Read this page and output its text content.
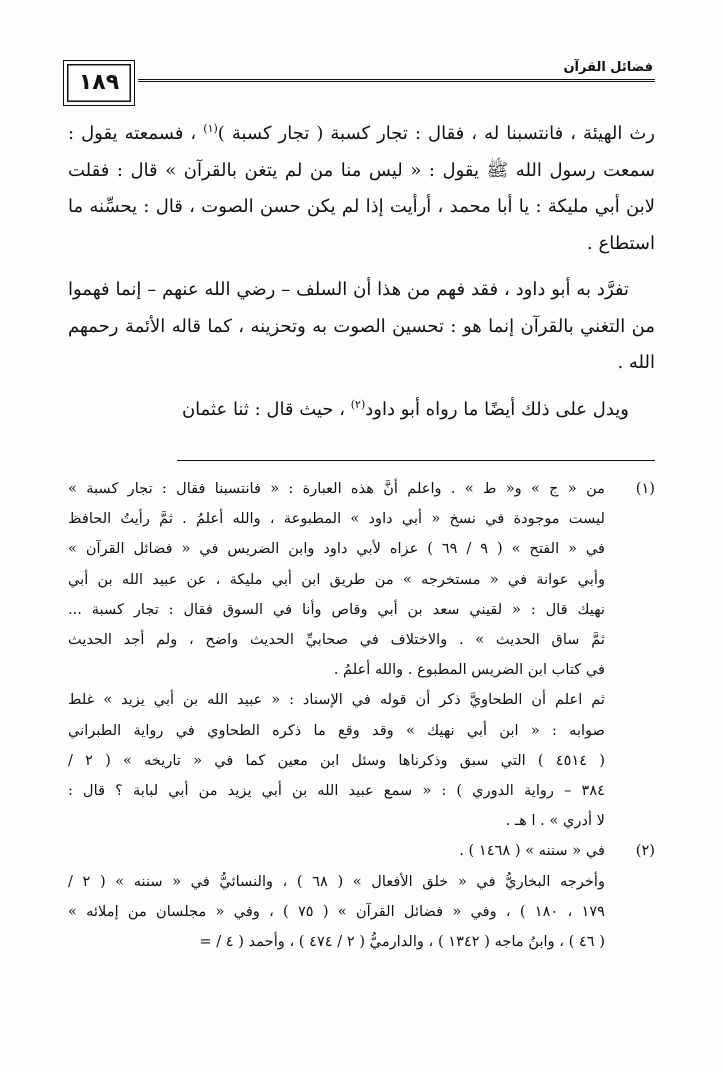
فضائل القرآن
١٨٩

رث الهيئة ، فانتسبنا له ، فقال : تجار كسبة ( تجار كسبة )$^{(١)}$ ، فسمعته يقول : سمعت رسول الله ﷺ يقول : « ليس منا من لم يتغن بالقرآن » قال : فقلت لابن أبي مليكة : يا أبا محمد ، أرأيت إذا لم يكن حسن الصوت ، قال : يحسِّنه ما استطاع .

تفرَّد به أبو داود ، فقد فهم من هذا أن السلف – رضي الله عنهم – إنما فهموا من التغني بالقرآن إنما هو : تحسين الصوت به وتحزينه ، كما قاله الأئمة رحمهم الله .

ويدل على ذلك أيضًا ما رواه أبو داود$^{(٢)}$ ، حيث قال : ثنا عثمان

(١)

من « ج » و« ط » . واعلم أنَّ هذه العبارة : « فانتسبنا فقال : تجار كسبة »

ليست موجودة في نسخ « أبي داود » المطبوعة ، والله أعلمُ . ثمَّ رأيتُ الحافظ

في « الفتح » ( ٩ / ٦٩ ) عزاه لأبي داود وابن الضريس في « فضائل القرآن »

وأبي عوانة في « مستخرجه » من طريق ابن أبي مليكة ، عن عبيد الله بن أبي

نهيك قال : « لقيني سعد بن أبي وقاص وأنا في السوق فقال : تجار كسبة ...

ثمَّ ساق الحديث » . والاختلاف في صحابيِّ الحديث واضح ، ولم أجد الحديث

في كتاب ابن الضريس المطبوع . والله أعلمُ .

ثم اعلم أن الطحاويَّ ذكر أن قوله في الإسناد : « عبيد الله بن أبي يزيد » غلط

صوابه : « ابن أبي نهيك » وقد وقع ما ذكره الطحاوي في رواية الطبراني

( ٤٥١٤ ) التي سبق وذكرناها وسئل ابن معين كما في « تاريخه » ( ٢ /

٣٨٤ – رواية الدوري ) : « سمع عبيد الله بن أبي يزيد من أبي لبابة ؟ قال :

لا أدري » . ا هـ .

(٢)

في « سننه » ( ١٤٦٨ ) .

وأخرجه البخاريُّ في « خلق الأفعال » ( ٦٨ ) ، والنسائيُّ في « سننه » ( ٢ /

١٧٩ ، ١٨٠ ) ، وفي « فضائل القرآن » ( ٧٥ ) ، وفي « مجلسان من إملائه »

( ٤٦ ) ، وابنُ ماجه ( ١٣٤٢ ) ، والدارميُّ ( ٢ / ٤٧٤ ) ، وأحمد ( ٤ / =
